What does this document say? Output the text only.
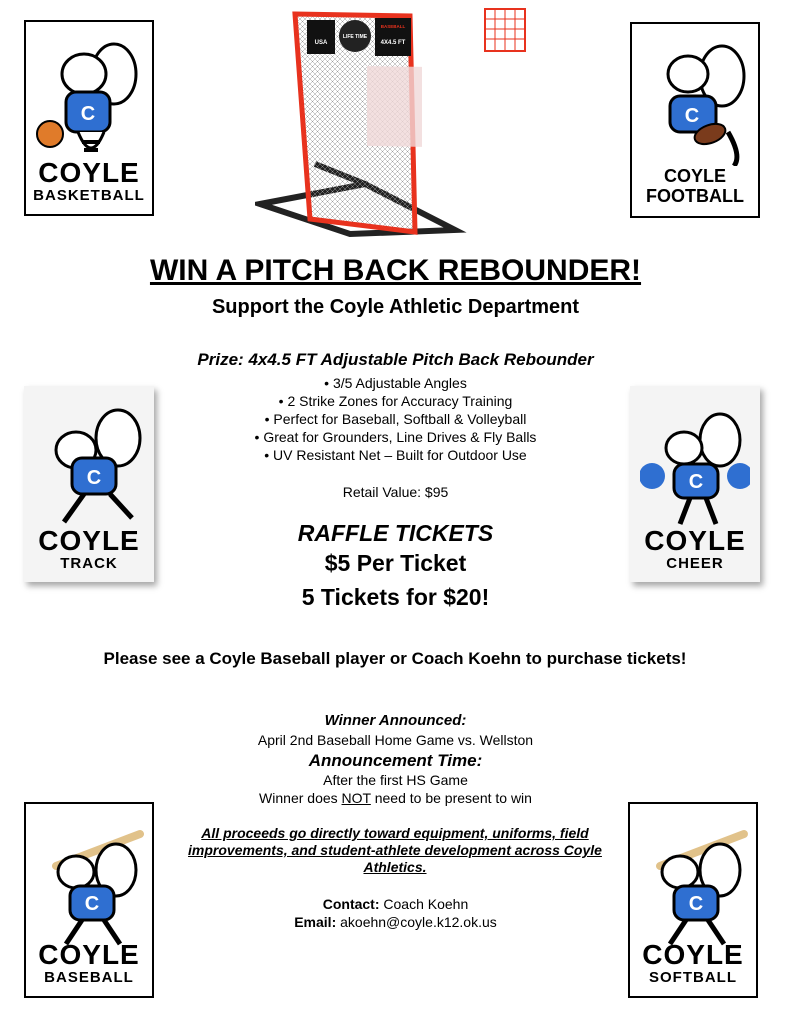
USA
LIFE TIME
4X4.5 FT
BASEBALL
C
COYLE
BASKETBALL
C
COYLE
FOOTBALL
C
COYLE
TRACK
C
COYLE
CHEER
C
COYLE
BASEBALL
C
COYLE
SOFTBALL
WIN A PITCH BACK REBOUNDER!
Support the Coyle Athletic Department
Prize: 4x4.5 FT Adjustable Pitch Back Rebounder
• 3/5 Adjustable Angles
• 2 Strike Zones for Accuracy Training
• Perfect for Baseball, Softball & Volleyball
• Great for Grounders, Line Drives & Fly Balls
• UV Resistant Net – Built for Outdoor Use
Retail Value: $95
RAFFLE TICKETS
$5 Per Ticket
5 Tickets for $20!
Please see a Coyle Baseball player or Coach Koehn to purchase tickets!
Winner Announced:
April 2nd Baseball Home Game vs. Wellston
Announcement Time:
After the first HS Game
Winner does NOT need to be present to win
All proceeds go directly toward equipment, uniforms, field improvements, and student-athlete development across Coyle Athletics.
Contact: Coach Koehn
Email: akoehn@coyle.k12.ok.us
